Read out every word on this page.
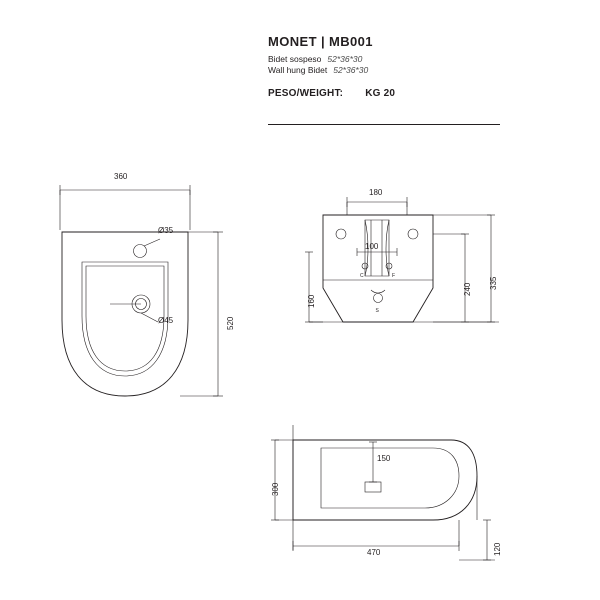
MONET | MB001
Bidet sospeso 52*36*30
Wall hung Bidet 52*36*30
PESO/WEIGHT: KG 20
360
520
Ø35
Ø45
C	F
S
180
100
160
240 335
150
300
470	120
